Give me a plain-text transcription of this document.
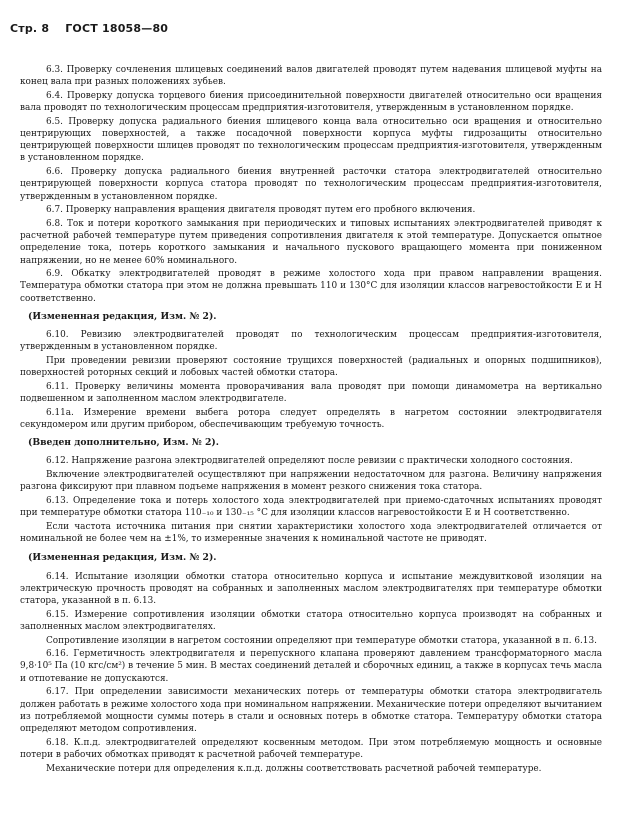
Стр. 8 ГОСТ 18058—80

6.3. Проверку сочленения шлицевых соединений валов двигателей проводят путем надевания шлицевой муфты на конец вала при разных положениях зубьев.

6.4. Проверку допуска торцевого биения присоединительной поверхности двигателей относительно оси вращения вала проводят по технологическим процессам предприятия-изготовителя, утвержденным в установленном порядке.

6.5. Проверку допуска радиального биения шлицевого конца вала относительно оси вращения и относительно центрирующих поверхностей, а также посадочной поверхности корпуса муфты гидрозащиты относительно центрирующей поверхности шлицев проводят по технологическим процессам предприятия-изготовителя, утвержденным в установленном порядке.

6.6. Проверку допуска радиального биения внутренней расточки статора электродвигателей относительно центрирующей поверхности корпуса статора проводят по технологическим процессам предприятия-изготовителя, утвержденным в установленном порядке.

6.7. Проверку направления вращения двигателя проводят путем его пробного включения.

6.8. Ток и потери короткого замыкания при периодических и типовых испытаниях электродвигателей приводят к расчетной рабочей температуре путем приведения сопротивления двигателя к этой температуре. Допускается опытное определение тока, потерь короткого замыкания и начального пускового вращающего момента при пониженном напряжении, но не менее 60% номинального.

6.9. Обкатку электродвигателей проводят в режиме холостого хода при правом направлении вращения. Температура обмотки статора при этом не должна превышать 110 и 130°С для изоляции классов нагревостойкости Е и Н соответственно.

(Измененная редакция, Изм. № 2).

6.10. Ревизию электродвигателей проводят по технологическим процессам предприятия-изготовителя, утвержденным в установленном порядке.

При проведении ревизии проверяют состояние трущихся поверхностей (радиальных и опорных подшипников), поверхностей роторных секций и лобовых частей обмотки статора.

6.11. Проверку величины момента проворачивания вала проводят при помощи динамометра на вертикально подвешенном и заполненном маслом электродвигателе.

6.11а. Измерение времени выбега ротора следует определять в нагретом состоянии электродвигателя секундомером или другим прибором, обеспечивающим требуемую точность.

(Введен дополнительно, Изм. № 2).

6.12. Напряжение разгона электродвигателей определяют после ревизии с практически холодного состояния.

Включение электродвигателей осуществляют при напряжении недостаточном для разгона. Величину напряжения разгона фиксируют при плавном подъеме напряжения в момент резкого снижения тока статора.

6.13. Определение тока и потерь холостого хода электродвигателей при приемо-сдаточных испытаниях проводят при температуре обмотки статора 110₋₁₀ и 130₋₁₅ °С для изоляции классов нагревостойкости Е и Н соответственно.

Если частота источника питания при снятии характеристики холостого хода электродвигателей отличается от номинальной не более чем на ±1%, то измеренные значения к номинальной частоте не приводят.

(Измененная редакция, Изм. № 2).

6.14. Испытание изоляции обмотки статора относительно корпуса и испытание междувитковой изоляции на электрическую прочность проводят на собранных и заполненных маслом электродвигателях при температуре обмотки статора, указанной в п. 6.13.

6.15. Измерение сопротивления изоляции обмотки статора относительно корпуса производят на собранных и заполненных маслом электродвигателях.

Сопротивление изоляции в нагретом состоянии определяют при температуре обмотки статора, указанной в п. 6.13.

6.16. Герметичность электродвигателя и перепускного клапана проверяют давлением трансформаторного масла 9,8·10⁵ Па (10 кгс/см²) в течение 5 мин. В местах соединений деталей и сборочных единиц, а также в корпусах течь масла и отпотевание не допускаются.

6.17. При определении зависимости механических потерь от температуры обмотки статора электродвигатель должен работать в режиме холостого хода при номинальном напряжении. Механические потери определяют вычитанием из потребляемой мощности суммы потерь в стали и основных потерь в обмотке статора. Температуру обмотки статора определяют методом сопротивления.

6.18. К.п.д. электродвигателей определяют косвенным методом. При этом потребляемую мощность и основные потери в рабочих обмотках приводят к расчетной рабочей температуре.

Механические потери для определения к.п.д. должны соответствовать расчетной рабочей температуре.
